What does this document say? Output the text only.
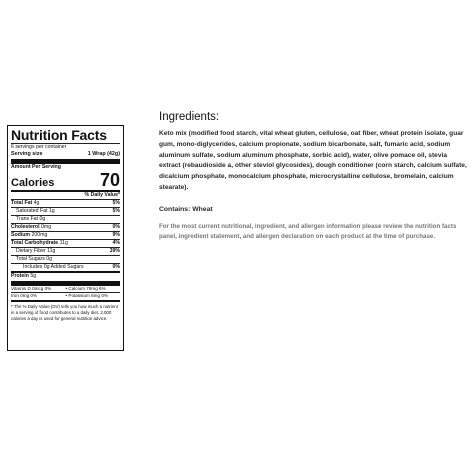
Nutrition Facts
6 servings per container
Serving size	1 Wrap (42g)
Amount Per Serving
Calories	70
% Daily Value*
Total Fat 4g	5%
Saturated Fat 1g	5%
Trans Fat 0g
Cholesterol 0mg	0%
Sodium 200mg	9%
Total Carbohydrate 11g	4%
Dietary Fiber 11g	39%
Total Sugars 0g
Includes 0g Added Sugars	0%
Protein 5g
Vitamin D 0mcg 0%	• Calcium 79mg 6%
Iron 0mg 0%	• Potassium 6mg 0%
* The % Daily Value (DV) tells you how much a nutrient in a serving of food contributes to a daily diet. 2,000 calories a day is used for general nutrition advice.
Ingredients:

Keto mix (modified food starch, vital wheat gluten, cellulose, oat fiber, wheat protein isolate, guar gum, mono-diglycerides, calcium propionate, sodium bicarbonate, salt, fumaric acid, sodium aluminum sulfate, sodium aluminum phosphate, sorbic acid), water, olive pomace oil, stevia extract (rebaudioside a, other steviol glycosides), dough conditioner (corn starch, calcium sulfate, dicalcium phosphate, monocalcium phosphate, microcrystalline cellulose, bromelain, calcium stearate).

Contains: Wheat

For the most current nutritional, ingredient, and allergen information please review the nutrition facts panel, ingredient statement, and allergen declaration on each product at the time of purchase.
